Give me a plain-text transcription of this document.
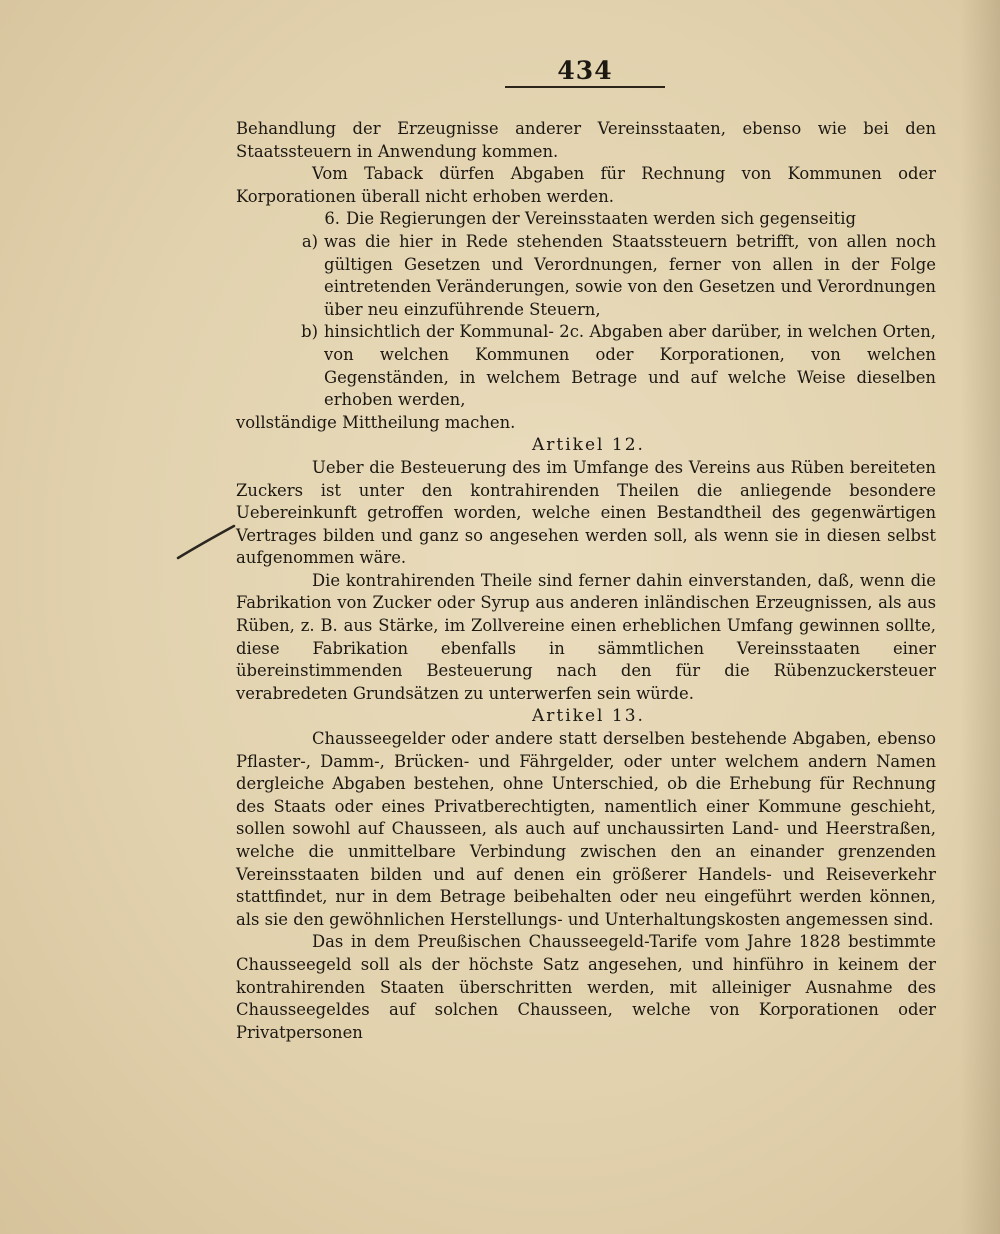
434

Behandlung der Erzeugnisse anderer Vereinsstaaten, ebenso wie bei den Staatssteuern in Anwendung kommen.

Vom Taback dürfen Abgaben für Rechnung von Kommunen oder Korporationen überall nicht erhoben werden.

6. Die Regierungen der Vereinsstaaten werden sich gegenseitig
a) was die hier in Rede stehenden Staatssteuern betrifft, von allen noch gültigen Gesetzen und Verordnungen, ferner von allen in der Folge eintretenden Veränderungen, sowie von den Gesetzen und Verordnungen über neu einzuführende Steuern,
b) hinsichtlich der Kommunal- 2c. Abgaben aber darüber, in welchen Orten, von welchen Kommunen oder Korporationen, von welchen Gegenständen, in welchem Betrage und auf welche Weise dieselben erhoben werden,

vollständige Mittheilung machen.

Artikel 12.

Ueber die Besteuerung des im Umfange des Vereins aus Rüben bereiteten Zuckers ist unter den kontrahirenden Theilen die anliegende besondere Uebereinkunft getroffen worden, welche einen Bestandtheil des gegenwärtigen Vertrages bilden und ganz so angesehen werden soll, als wenn sie in diesen selbst aufgenommen wäre.

Die kontrahirenden Theile sind ferner dahin einverstanden, daß, wenn die Fabrikation von Zucker oder Syrup aus anderen inländischen Erzeugnissen, als aus Rüben, z. B. aus Stärke, im Zollvereine einen erheblichen Umfang gewinnen sollte, diese Fabrikation ebenfalls in sämmtlichen Vereinsstaaten einer übereinstimmenden Besteuerung nach den für die Rübenzuckersteuer verabredeten Grundsätzen zu unterwerfen sein würde.

Artikel 13.

Chausseegelder oder andere statt derselben bestehende Abgaben, ebenso Pflaster-, Damm-, Brücken- und Fährgelder, oder unter welchem andern Namen dergleiche Abgaben bestehen, ohne Unterschied, ob die Erhebung für Rechnung des Staats oder eines Privatberechtigten, namentlich einer Kommune geschieht, sollen sowohl auf Chausseen, als auch auf unchaussirten Land- und Heerstraßen, welche die unmittelbare Verbindung zwischen den an einander grenzenden Vereinsstaaten bilden und auf denen ein größerer Handels- und Reiseverkehr stattfindet, nur in dem Betrage beibehalten oder neu eingeführt werden können, als sie den gewöhnlichen Herstellungs- und Unterhaltungskosten angemessen sind.

Das in dem Preußischen Chausseegeld-Tarife vom Jahre 1828 bestimmte Chausseegeld soll als der höchste Satz angesehen, und hinführo in keinem der kontrahirenden Staaten überschritten werden, mit alleiniger Ausnahme des Chausseegeldes auf solchen Chausseen, welche von Korporationen oder Privatpersonen
